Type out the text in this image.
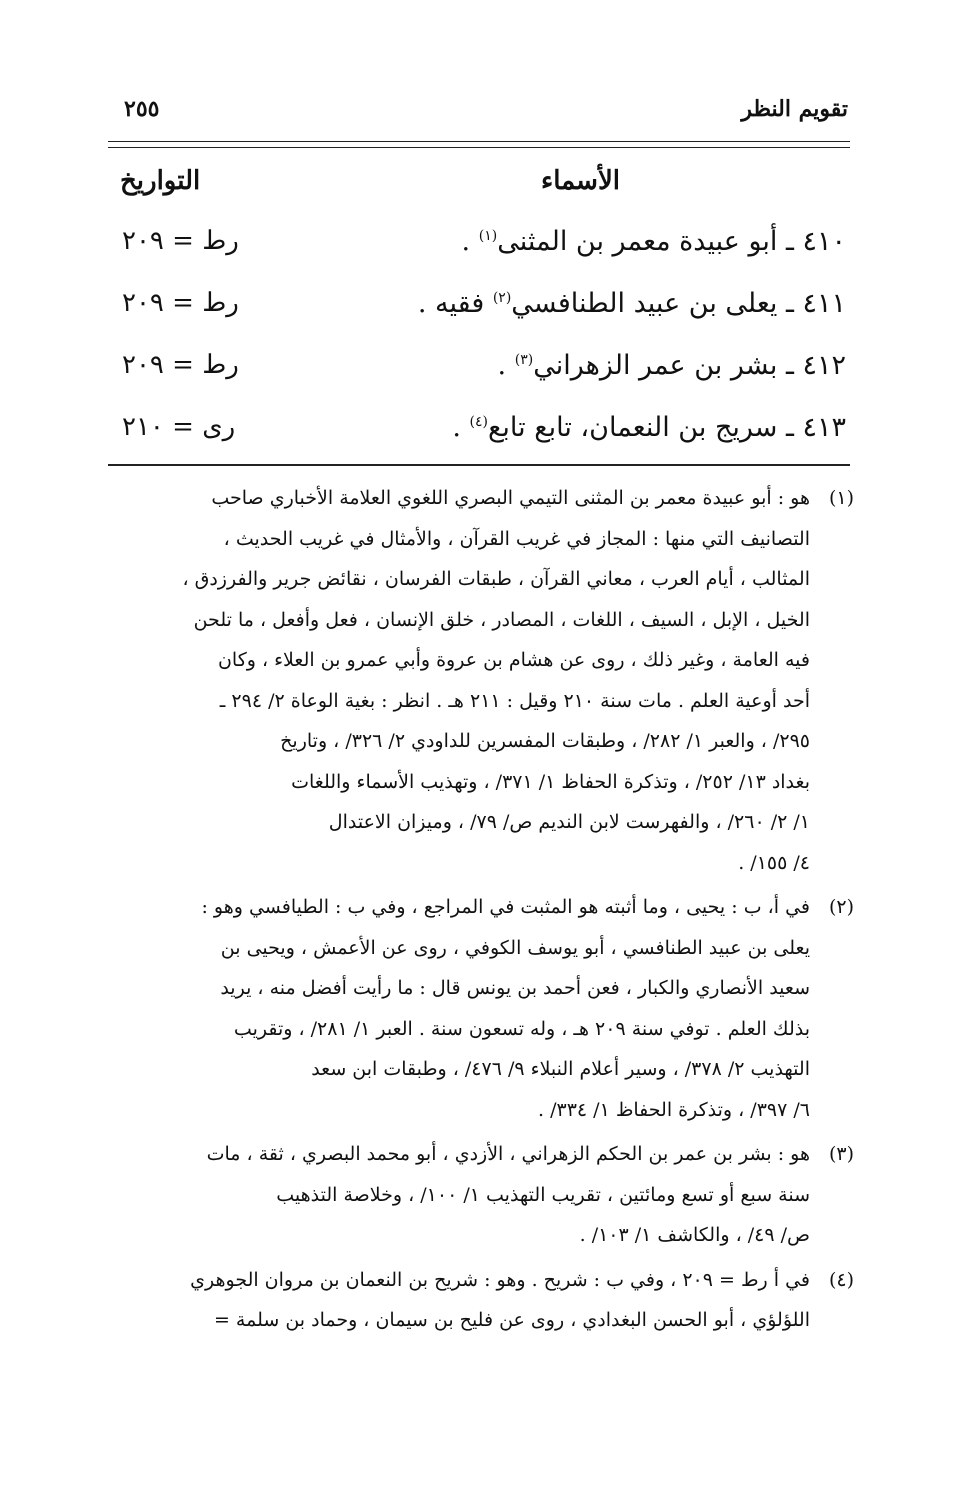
تقويم النظر
٢٥٥
الأسماء
التواريخ
٤١٠ ـ أبو عبيدة معمر بن المثنى$^{(١)}$ .
رط = ٢٠٩
٤١١ ـ يعلى بن عبيد الطنافسي$^{(٢)}$ فقيه .
رط = ٢٠٩
٤١٢ ـ بشر بن عمر الزهراني$^{(٣)}$ .
رط = ٢٠٩
٤١٣ ـ سريج بن النعمان، تابع تابع$^{(٤)}$ .
رى = ٢١٠
(١)
هو : أبو عبيدة معمر بن المثنى التيمي البصري اللغوي العلامة الأخباري صاحب
التصانيف التي منها : المجاز في غريب القرآن ، والأمثال في غريب الحديث ،
المثالب ، أيام العرب ، معاني القرآن ، طبقات الفرسان ، نقائض جرير والفرزدق ،
الخيل ، الإبل ، السيف ، اللغات ، المصادر ، خلق الإنسان ، فعل وأفعل ، ما تلحن
فيه العامة ، وغير ذلك ، روى عن هشام بن عروة وأبي عمرو بن العلاء ، وكان
أحد أوعية العلم . مات سنة ٢١٠ وقيل : ٢١١ هـ . انظر : بغية الوعاة ٢/ ٢٩٤ ـ
٢٩٥/ ، والعبر ١/ ٢٨٢/ ، وطبقات المفسرين للداودي ٢/ ٣٢٦/ ، وتاريخ
بغداد ١٣/ ٢٥٢/ ، وتذكرة الحفاظ ١/ ٣٧١/ ، وتهذيب الأسماء واللغات
١/ ٢/ ٢٦٠/ ، والفهرست لابن النديم ص/ ٧٩/ ، وميزان الاعتدال
٤/ ١٥٥/ .
(٢)
في أ، ب : يحيى ، وما أثبته هو المثبت في المراجع ، وفي ب : الطيافسي وهو :
يعلى بن عبيد الطنافسي ، أبو يوسف الكوفي ، روى عن الأعمش ، ويحيى بن
سعيد الأنصاري والكبار ، فعن أحمد بن يونس قال : ما رأيت أفضل منه ، يريد
بذلك العلم . توفي سنة ٢٠٩ هـ ، وله تسعون سنة . العبر ١/ ٢٨١/ ، وتقريب
التهذيب ٢/ ٣٧٨/ ، وسير أعلام النبلاء ٩/ ٤٧٦/ ، وطبقات ابن سعد
٦/ ٣٩٧/ ، وتذكرة الحفاظ ١/ ٣٣٤/ .
(٣)
هو : بشر بن عمر بن الحكم الزهراني ، الأزدي ، أبو محمد البصري ، ثقة ، مات
سنة سبع أو تسع ومائتين ، تقريب التهذيب ١/ ١٠٠/ ، وخلاصة التذهيب
ص/ ٤٩/ ، والكاشف ١/ ١٠٣/ .
(٤)
في أ رط = ٢٠٩ ، وفي ب : شريح . وهو : شريح بن النعمان بن مروان الجوهري
اللؤلؤي ، أبو الحسن البغدادي ، روى عن فليح بن سيمان ، وحماد بن سلمة =
